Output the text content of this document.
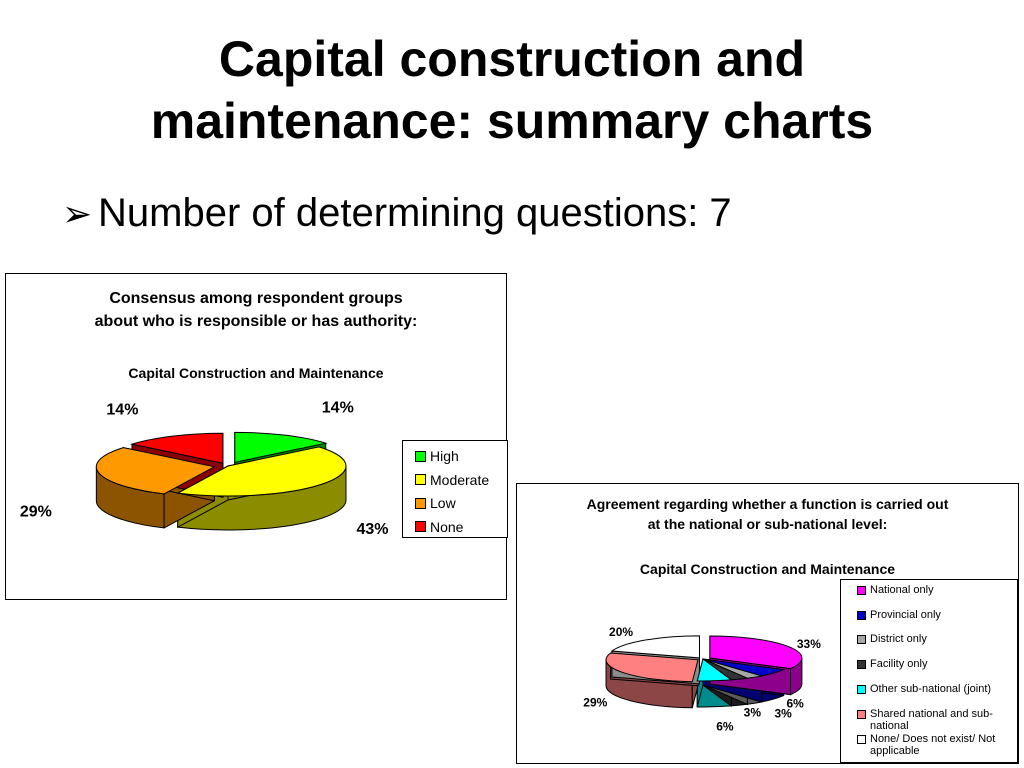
Capital construction and
maintenance: summary charts
➢ Number of determining questions: 7
Consensus among respondent groups
about who is responsible or has authority:
Capital Construction and Maintenance
14%
43%
29%
14%
High
Moderate
Low
None
Agreement regarding whether a function is carried out
at the national or sub-national level:
Capital Construction and Maintenance
33%
6%
3%
3%
6%
29%
20%
National only
Provincial only
District only
Facility only
Other sub-national (joint)
Shared national and sub-national
None/ Does not exist/ Not applicable
